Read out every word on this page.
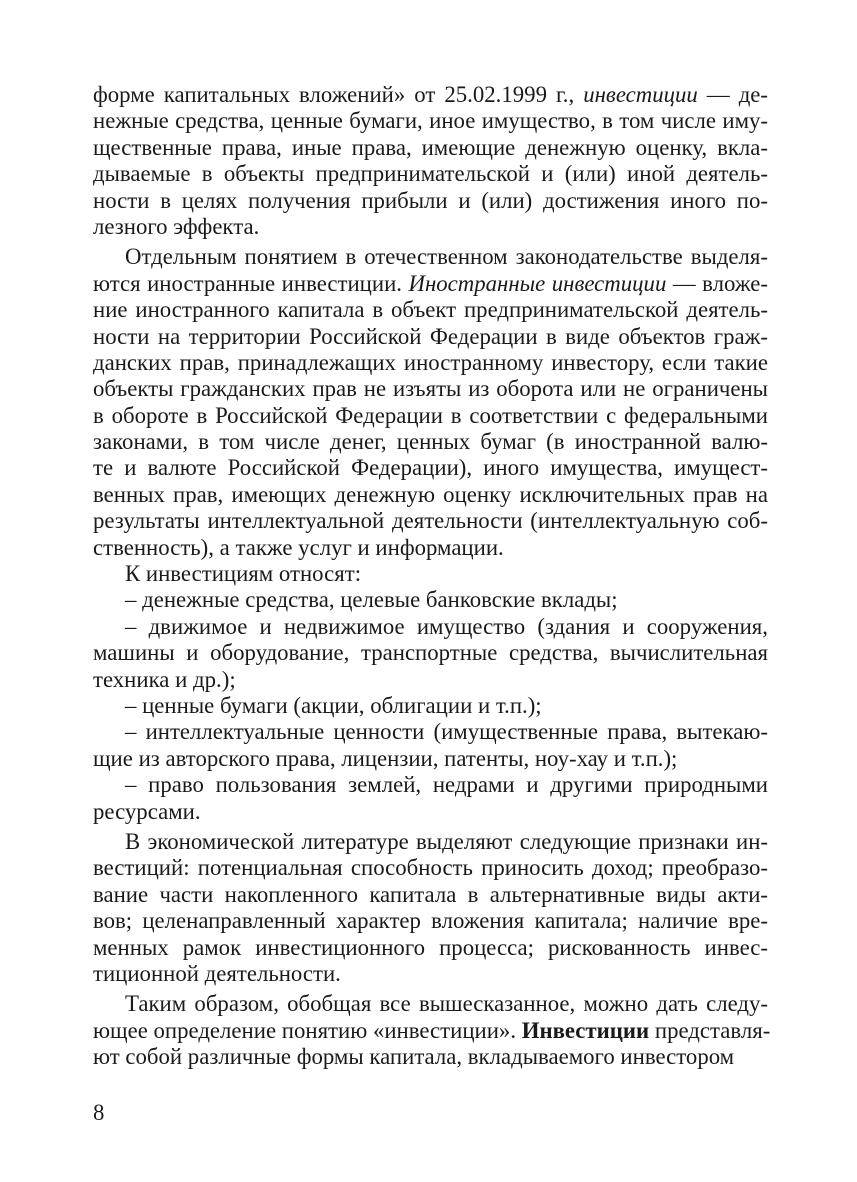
форме капитальных вложений» от 25.02.1999 г., инвестиции — де-
нежные средства, ценные бумаги, иное имущество, в том числе иму-
щественные права, иные права, имеющие денежную оценку, вкла-
дываемые в объекты предпринимательской и (или) иной деятель-
ности в целях получения прибыли и (или) достижения иного по-
лезного эффекта.
Отдельным понятием в отечественном законодательстве выделя-
ются иностранные инвестиции. Иностранные инвестиции — вложе-
ние иностранного капитала в объект предпринимательской деятель-
ности на территории Российской Федерации в виде объектов граж-
данских прав, принадлежащих иностранному инвестору, если такие
объекты гражданских прав не изъяты из оборота или не ограничены
в обороте в Российской Федерации в соответствии с федеральными
законами, в том числе денег, ценных бумаг (в иностранной валю-
те и валюте Российской Федерации), иного имущества, имущест-
венных прав, имеющих денежную оценку исключительных прав на
результаты интеллектуальной деятельности (интеллектуальную соб-
ственность), а также услуг и информации.
К инвестициям относят:
– денежные средства, целевые банковские вклады;
– движимое и недвижимое имущество (здания и сооружения,
машины и оборудование, транспортные средства, вычислительная
техника и др.);
– ценные бумаги (акции, облигации и т.п.);
– интеллектуальные ценности (имущественные права, вытекаю-
щие из авторского права, лицензии, патенты, ноу-хау и т.п.);
– право пользования землей, недрами и другими природными
ресурсами.
В экономической литературе выделяют следующие признаки ин-
вестиций: потенциальная способность приносить доход; преобразо-
вание части накопленного капитала в альтернативные виды акти-
вов; целенаправленный характер вложения капитала; наличие вре-
менных рамок инвестиционного процесса; рискованность инвес-
тиционной деятельности.
Таким образом, обобщая все вышесказанное, можно дать следу-
ющее определение понятию «инвестиции». Инвестиции представля-
ют собой различные формы капитала, вкладываемого инвестором
8
